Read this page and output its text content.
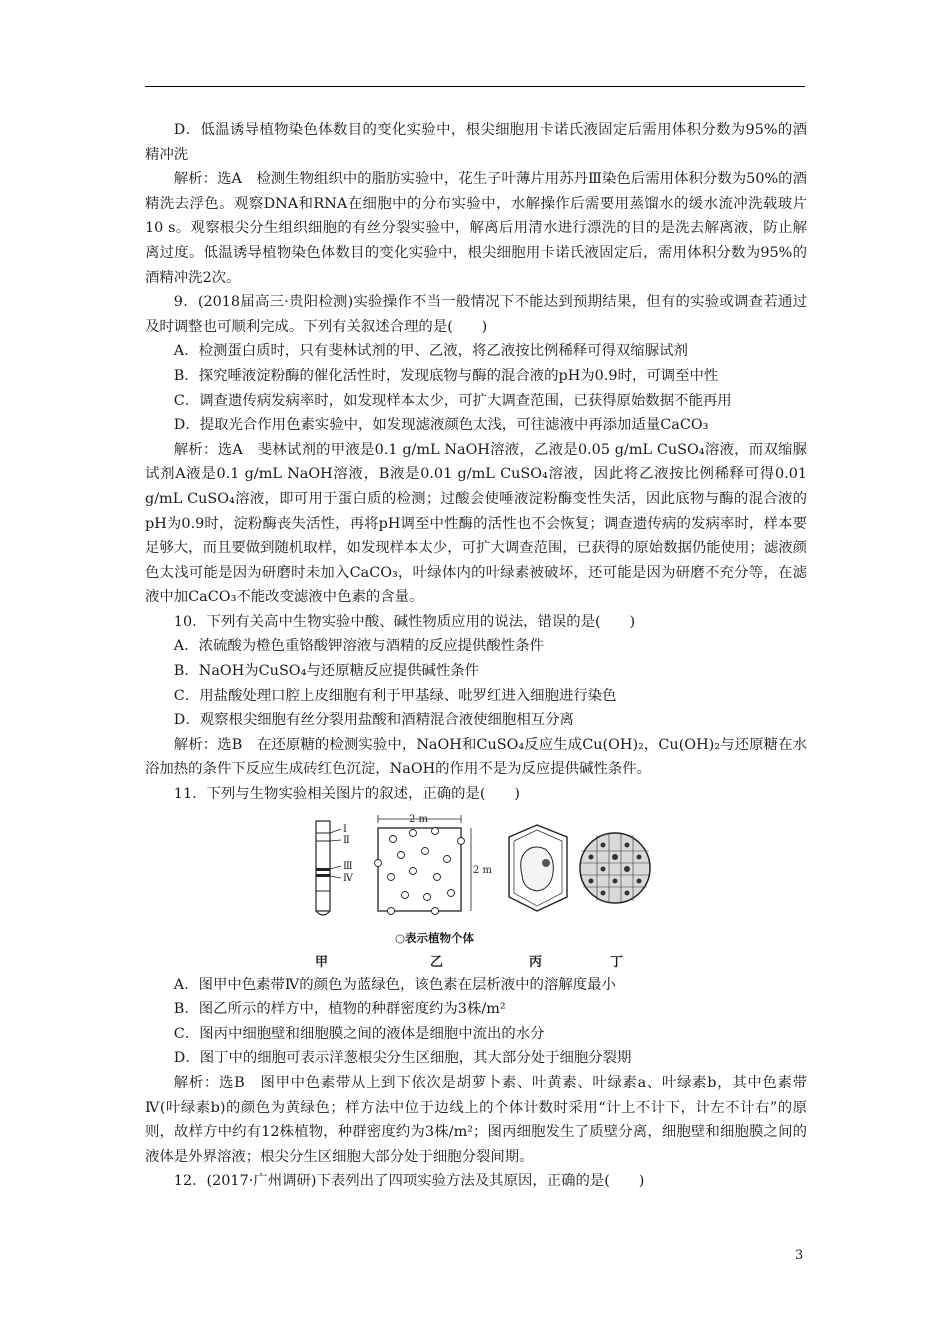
D．低温诱导植物染色体数目的变化实验中，根尖细胞用卡诺氏液固定后需用体积分数为95%的酒精冲洗

解析：选A　检测生物组织中的脂肪实验中，花生子叶薄片用苏丹Ⅲ染色后需用体积分数为50%的酒精洗去浮色。观察DNA和RNA在细胞中的分布实验中，水解操作后需要用蒸馏水的缓水流冲洗载玻片10 s。观察根尖分生组织细胞的有丝分裂实验中，解离后用清水进行漂洗的目的是洗去解离液，防止解离过度。低温诱导植物染色体数目的变化实验中，根尖细胞用卡诺氏液固定后，需用体积分数为95%的酒精冲洗2次。

9．(2018届高三·贵阳检测)实验操作不当一般情况下不能达到预期结果，但有的实验或调查若通过及时调整也可顺利完成。下列有关叙述合理的是(　　)

A．检测蛋白质时，只有斐林试剂的甲、乙液，将乙液按比例稀释可得双缩脲试剂

B．探究唾液淀粉酶的催化活性时，发现底物与酶的混合液的pH为0.9时，可调至中性

C．调查遗传病发病率时，如发现样本太少，可扩大调查范围，已获得原始数据不能再用

D．提取光合作用色素实验中，如发现滤液颜色太浅，可往滤液中再添加适量CaCO₃

解析：选A　斐林试剂的甲液是0.1 g/mL NaOH溶液，乙液是0.05 g/mL CuSO₄溶液，而双缩脲试剂A液是0.1 g/mL NaOH溶液，B液是0.01 g/mL CuSO₄溶液，因此将乙液按比例稀释可得0.01 g/mL CuSO₄溶液，即可用于蛋白质的检测；过酸会使唾液淀粉酶变性失活，因此底物与酶的混合液的pH为0.9时，淀粉酶丧失活性，再将pH调至中性酶的活性也不会恢复；调查遗传病的发病率时，样本要足够大，而且要做到随机取样，如发现样本太少，可扩大调查范围，已获得的原始数据仍能使用；滤液颜色太浅可能是因为研磨时未加入CaCO₃，叶绿体内的叶绿素被破坏，还可能是因为研磨不充分等，在滤液中加CaCO₃不能改变滤液中色素的含量。

10．下列有关高中生物实验中酸、碱性物质应用的说法，错误的是(　　)

A．浓硫酸为橙色重铬酸钾溶液与酒精的反应提供酸性条件

B．NaOH为CuSO₄与还原糖反应提供碱性条件

C．用盐酸处理口腔上皮细胞有利于甲基绿、吡罗红进入细胞进行染色

D．观察根尖细胞有丝分裂用盐酸和酒精混合液使细胞相互分离

解析：选B　在还原糖的检测实验中，NaOH和CuSO₄反应生成Cu(OH)₂，Cu(OH)₂与还原糖在水浴加热的条件下反应生成砖红色沉淀，NaOH的作用不是为反应提供碱性条件。

11．下列与生物实验相关图片的叙述，正确的是(　　)

Ⅰ
Ⅱ
Ⅲ
Ⅳ
2 m
2 m
○表示植物个体
甲	乙	丙	丁

A．图甲中色素带Ⅳ的颜色为蓝绿色，该色素在层析液中的溶解度最小

B．图乙所示的样方中，植物的种群密度约为3株/m²

C．图丙中细胞壁和细胞膜之间的液体是细胞中流出的水分

D．图丁中的细胞可表示洋葱根尖分生区细胞，其大部分处于细胞分裂期

解析：选B　图甲中色素带从上到下依次是胡萝卜素、叶黄素、叶绿素a、叶绿素b，其中色素带Ⅳ(叶绿素b)的颜色为黄绿色；样方法中位于边线上的个体计数时采用“计上不计下，计左不计右”的原则，故样方中约有12株植物，种群密度约为3株/m²；图丙细胞发生了质壁分离，细胞壁和细胞膜之间的液体是外界溶液；根尖分生区细胞大部分处于细胞分裂间期。

12．(2017·广州调研)下表列出了四项实验方法及其原因，正确的是(　　)

3
